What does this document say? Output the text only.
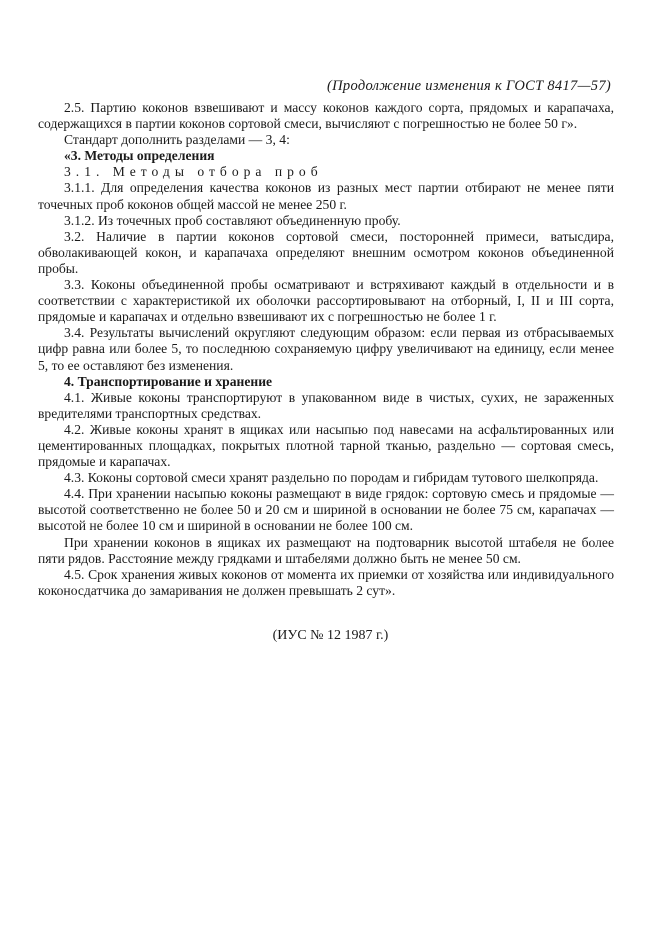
(Продолжение изменения к ГОСТ 8417—57)

2.5. Партию коконов взвешивают и массу коконов каждого сорта, прядомых и карапачаха, содержащихся в партии коконов сортовой смеси, вычисляют с погрешностью не более 50 г».

Стандарт дополнить разделами — 3, 4:

«3. Методы определения

3.1. Методы отбора проб

3.1.1. Для определения качества коконов из разных мест партии отбирают не менее пяти точечных проб коконов общей массой не менее 250 г.

3.1.2. Из точечных проб составляют объединенную пробу.

3.2. Наличие в партии коконов сортовой смеси, посторонней примеси, ватысдира, обволакивающей кокон, и карапачаха определяют внешним осмотром коконов объединенной пробы.

3.3. Коконы объединенной пробы осматривают и встряхивают каждый в отдельности и в соответствии с характеристикой их оболочки рассортировывают на отборный, I, II и III сорта, прядомые и карапачах и отдельно взвешивают их с погрешностью не более 1 г.

3.4. Результаты вычислений округляют следующим образом: если первая из отбрасываемых цифр равна или более 5, то последнюю сохраняемую цифру увеличивают на единицу, если менее 5, то ее оставляют без изменения.

4. Транспортирование и хранение

4.1. Живые коконы транспортируют в упакованном виде в чистых, сухих, не зараженных вредителями транспортных средствах.

4.2. Живые коконы хранят в ящиках или насыпью под навесами на асфальтированных или цементированных площадках, покрытых плотной тарной тканью, раздельно — сортовая смесь, прядомые и карапачах.

4.3. Коконы сортовой смеси хранят раздельно по породам и гибридам тутового шелкопряда.

4.4. При хранении насыпью коконы размещают в виде грядок: сортовую смесь и прядомые — высотой соответственно не более 50 и 20 см и шириной в основании не более 75 см, карапачах — высотой не более 10 см и шириной в основании не более 100 см.

При хранении коконов в ящиках их размещают на подтоварник высотой штабеля не более пяти рядов. Расстояние между грядками и штабелями должно быть не менее 50 см.

4.5. Срок хранения живых коконов от момента их приемки от хозяйства или индивидуального коконосдатчика до замаривания не должен превышать 2 сут».

(ИУС № 12 1987 г.)
